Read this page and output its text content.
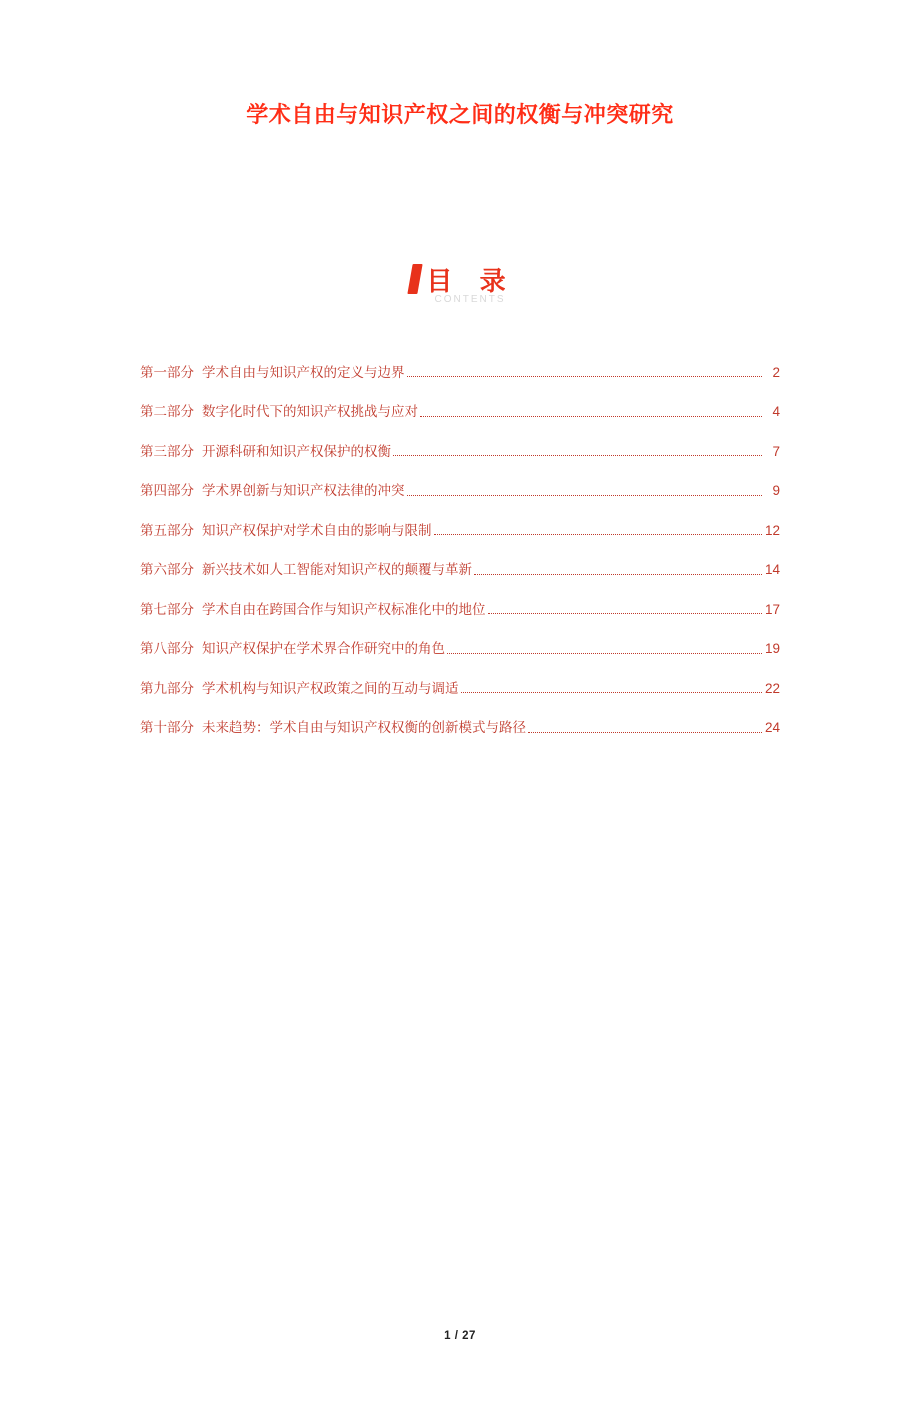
学术自由与知识产权之间的权衡与冲突研究
目 录
CONTENTS
第一部分 学术自由与知识产权的定义与边界	2
第二部分 数字化时代下的知识产权挑战与应对	4
第三部分 开源科研和知识产权保护的权衡	7
第四部分 学术界创新与知识产权法律的冲突	9
第五部分 知识产权保护对学术自由的影响与限制	12
第六部分 新兴技术如人工智能对知识产权的颠覆与革新	14
第七部分 学术自由在跨国合作与知识产权标准化中的地位	17
第八部分 知识产权保护在学术界合作研究中的角色	19
第九部分 学术机构与知识产权政策之间的互动与调适	22
第十部分 未来趋势：学术自由与知识产权权衡的创新模式与路径	24
1 / 27
